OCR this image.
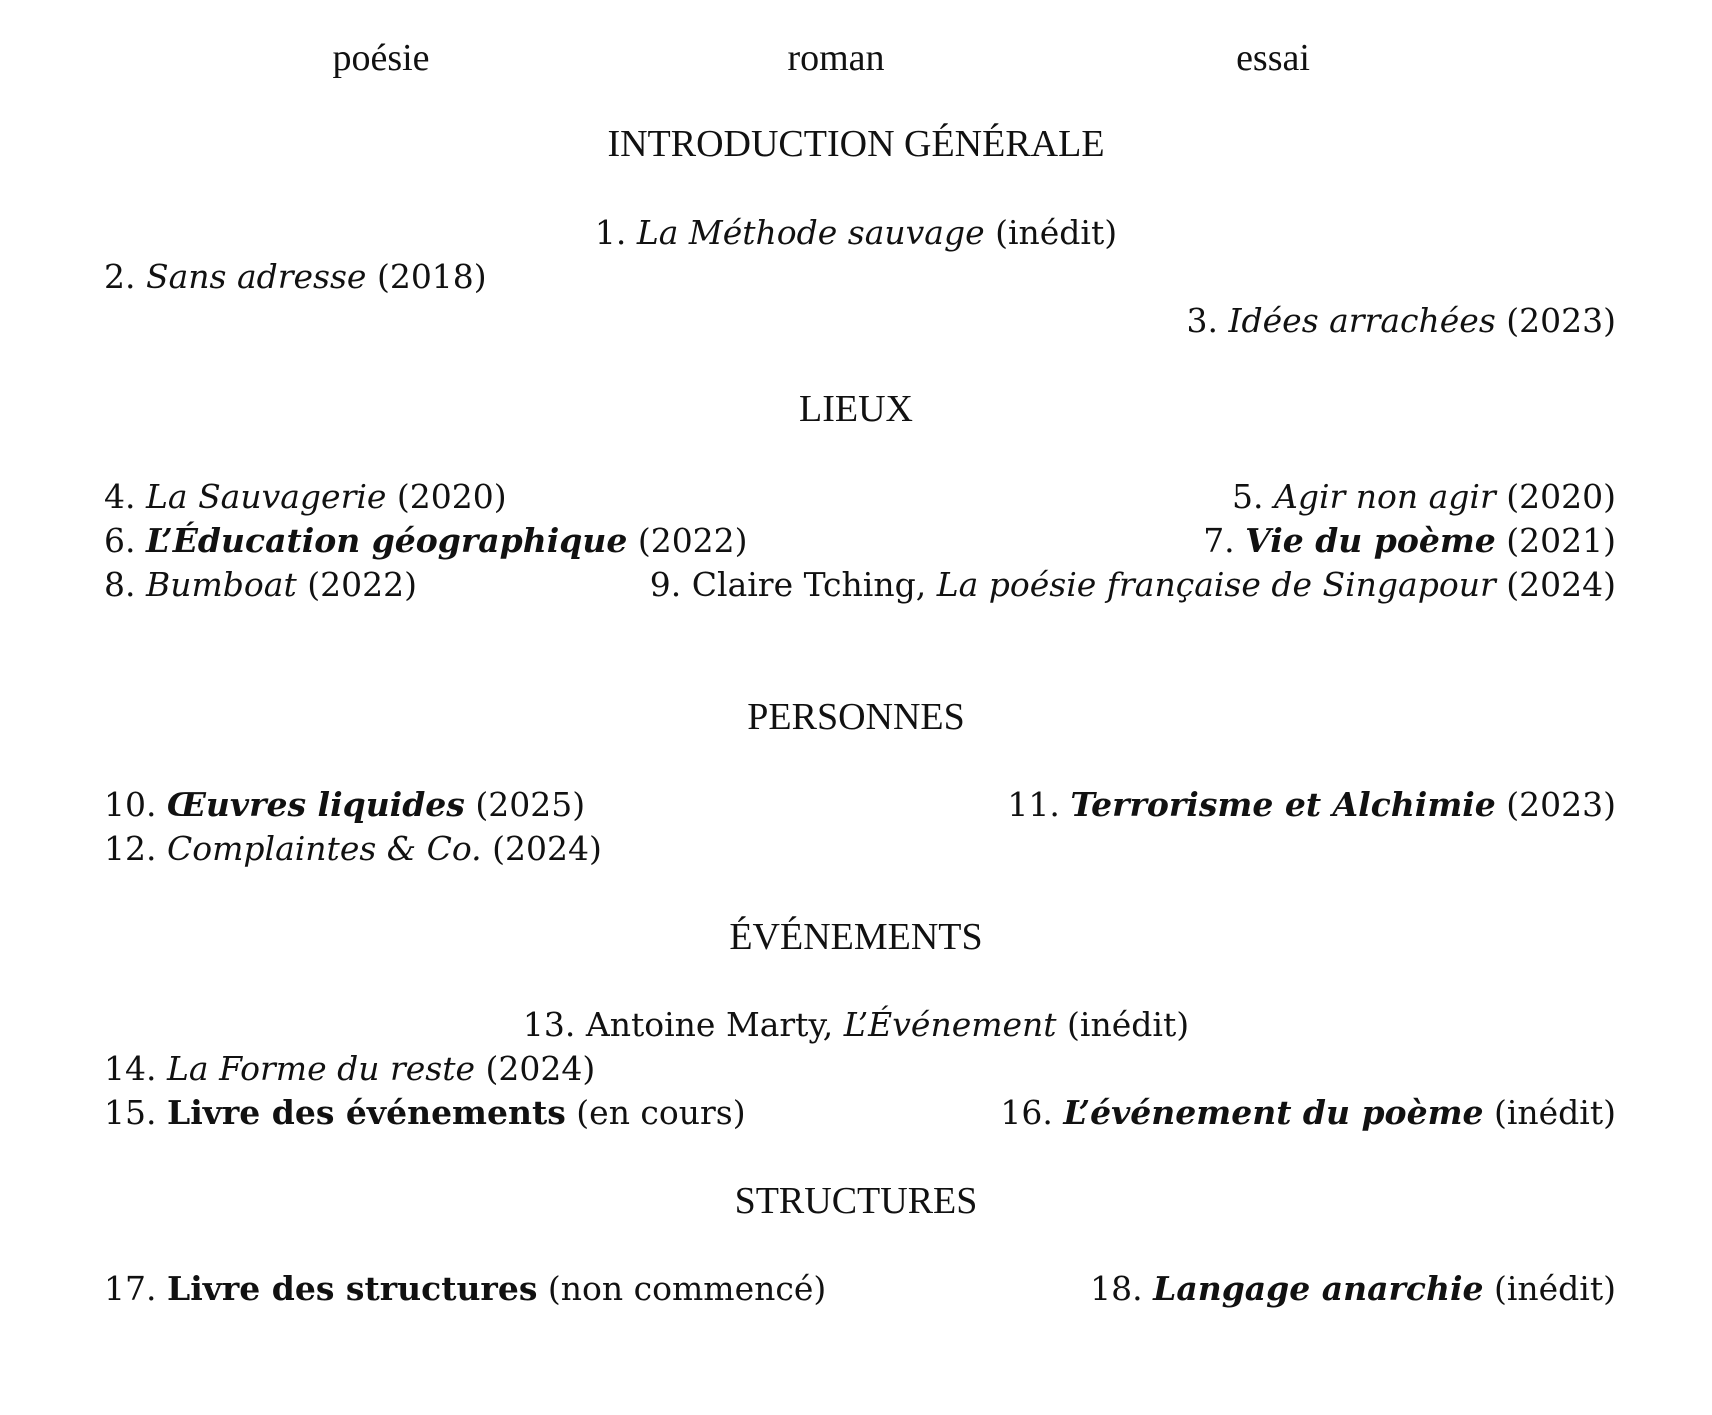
poésie	roman	essai
INTRODUCTION GÉNÉRALE
1. La Méthode sauvage (inédit)
2. Sans adresse (2018)
3. Idées arrachées (2023)
LIEUX
4. La Sauvagerie (2020)	5. Agir non agir (2020)
6. L’Éducation géographique (2022)	7. Vie du poème (2021)
8. Bumboat (2022)	9. Claire Tching, La poésie française de Singapour (2024)
PERSONNES
10. Œuvres liquides (2025)	11. Terrorisme et Alchimie (2023)
12. Complaintes & Co. (2024)
ÉVÉNEMENTS
13. Antoine Marty, L’Événement (inédit)
14. La Forme du reste (2024)
15. Livre des événements (en cours)	16. L’événement du poème (inédit)
STRUCTURES
17. Livre des structures (non commencé)	18. Langage anarchie (inédit)
